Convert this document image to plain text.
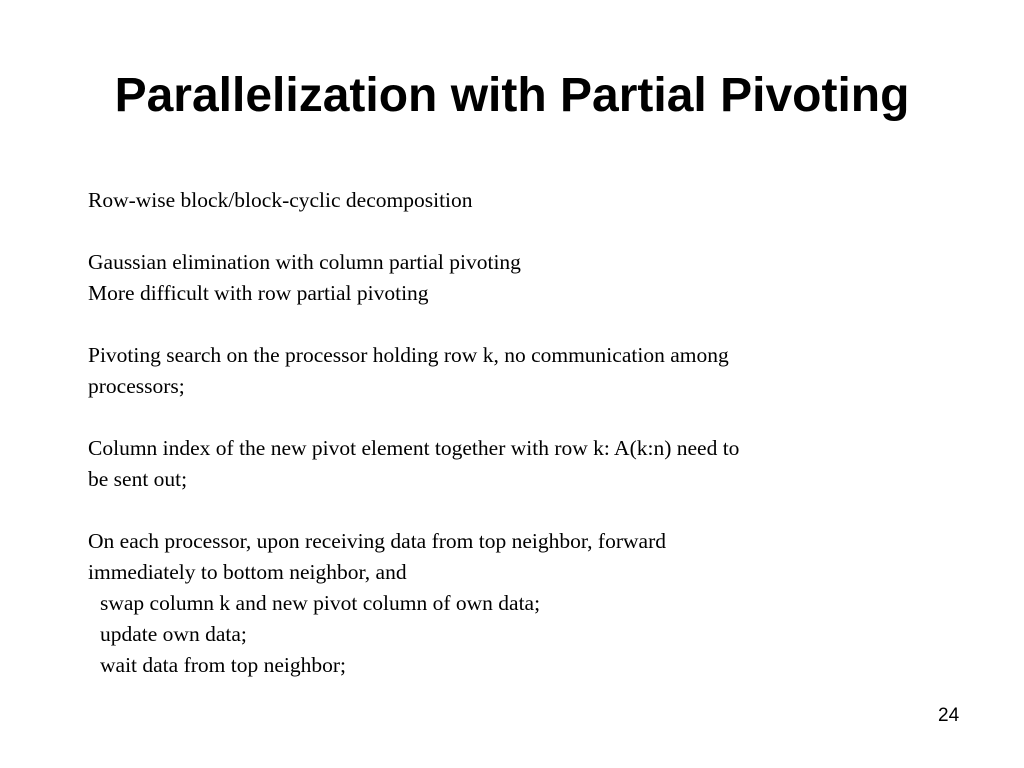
Parallelization with Partial Pivoting
Row-wise block/block-cyclic decomposition
Gaussian elimination with column partial pivoting
More difficult with row partial pivoting
Pivoting search on the processor holding row k, no communication among
processors;
Column index of the new pivot element together with row k: A(k:n) need to
be sent out;
On each processor, upon receiving data from top neighbor, forward
immediately to bottom neighbor, and
swap column k and new pivot column of own data;
update own data;
wait data from top neighbor;
24
